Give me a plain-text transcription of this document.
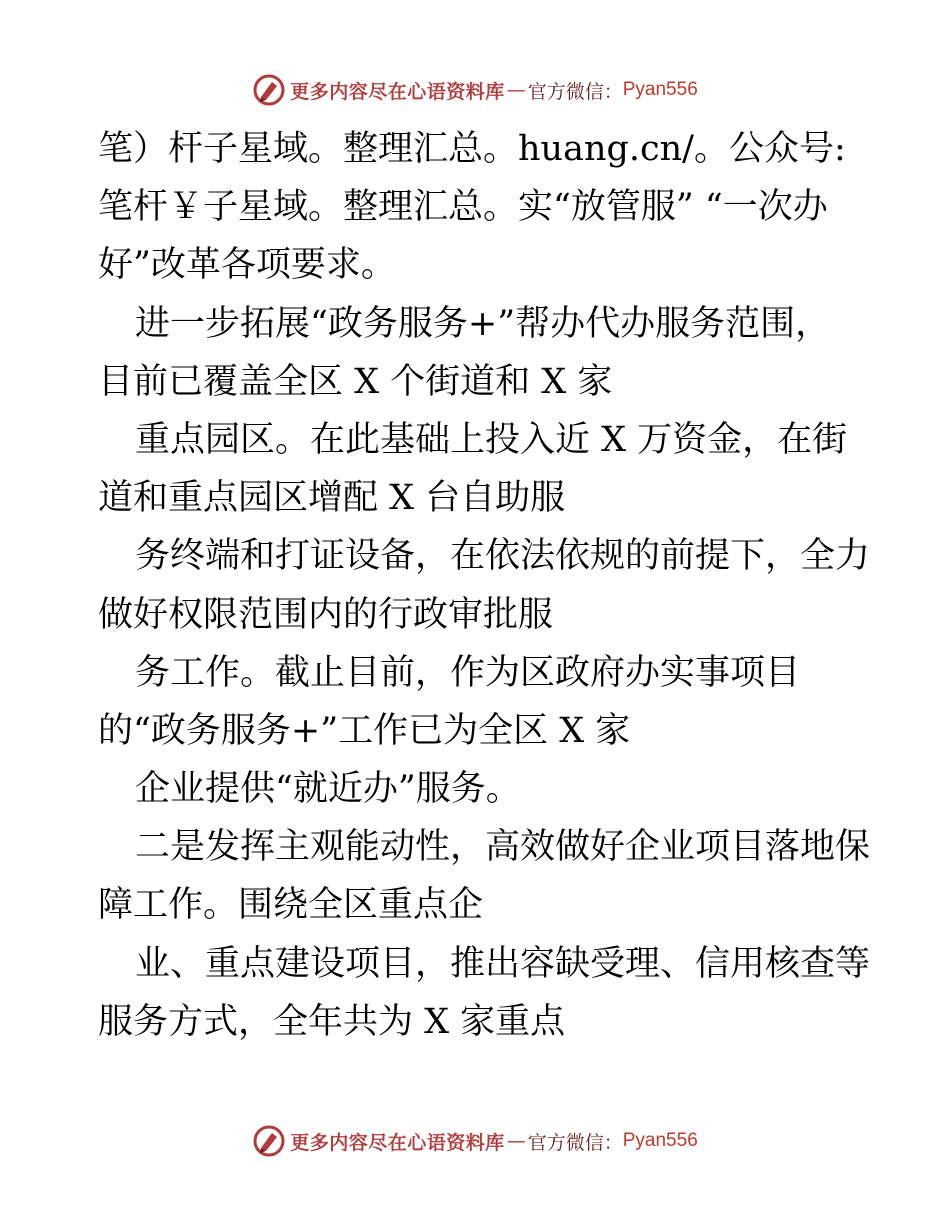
更多内容尽在心语资料库 — 官方微信： Pyan556
笔）杆子星域。整理汇总。huang.cn/。公众号:
笔杆￥子星域。整理汇总。实“放管服” “一次办
好”改革各项要求。
进一步拓展“政务服务+”帮办代办服务范围，
目前已覆盖全区 X 个街道和 X 家
重点园区。在此基础上投入近 X 万资金，在街
道和重点园区增配 X 台自助服
务终端和打证设备，在依法依规的前提下，全力
做好权限范围内的行政审批服
务工作。截止目前，作为区政府办实事项目
的“政务服务+”工作已为全区 X 家
企业提供“就近办”服务。
二是发挥主观能动性，高效做好企业项目落地保
障工作。围绕全区重点企
业、重点建设项目，推出容缺受理、信用核查等
服务方式，全年共为 X 家重点
更多内容尽在心语资料库 — 官方微信： Pyan556
